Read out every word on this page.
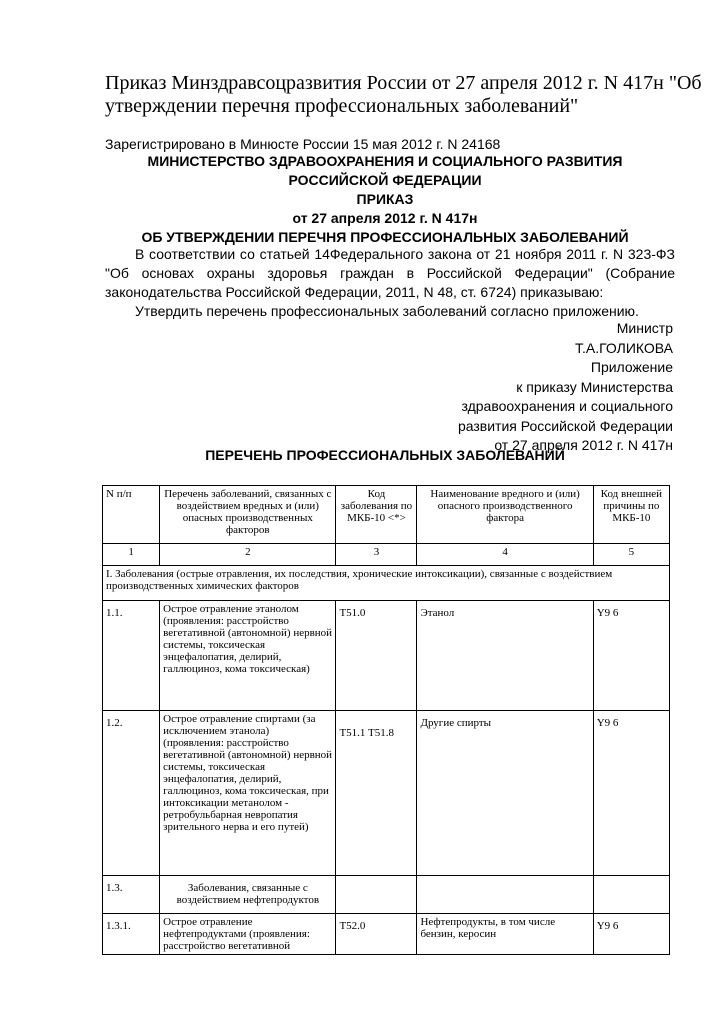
Приказ Минздравсоцразвития России от 27 апреля 2012 г. N 417н "Об утверждении перечня профессиональных заболеваний"
Зарегистрировано в Минюсте России 15 мая 2012 г. N 24168
МИНИСТЕРСТВО ЗДРАВООХРАНЕНИЯ И СОЦИАЛЬНОГО РАЗВИТИЯ
РОССИЙСКОЙ ФЕДЕРАЦИИ
ПРИКАЗ
от 27 апреля 2012 г. N 417н
ОБ УТВЕРЖДЕНИИ ПЕРЕЧНЯ ПРОФЕССИОНАЛЬНЫХ ЗАБОЛЕВАНИЙ
В соответствии со статьей 14Федерального закона от 21 ноября 2011 г. N 323-ФЗ "Об основах охраны здоровья граждан в Российской Федерации" (Собрание законодательства Российской Федерации, 2011, N 48, ст. 6724) приказываю:
Утвердить перечень профессиональных заболеваний согласно приложению.
Министр
Т.А.ГОЛИКОВА
Приложение
к приказу Министерства
здравоохранения и социального
развития Российской Федерации
от 27 апреля 2012 г. N 417н
ПЕРЕЧЕНЬ ПРОФЕССИОНАЛЬНЫХ ЗАБОЛЕВАНИЙ
N п/п	Перечень заболеваний, связанных с воздействием вредных и (или) опасных производственных факторов	Код заболевания по МКБ-10 <*>	Наименование вредного и (или) опасного производственного фактора	Код внешней причины по МКБ-10
1	2	3	4	5
I. Заболевания (острые отравления, их последствия, хронические интоксикации), связанные с воздействием производственных химических факторов				
1.1.	Острое отравление этанолом (проявления: расстройство вегетативной (автономной) нервной системы, токсическая энцефалопатия, делирий, галлюциноз, кома токсическая)	T51.0	Этанол	Y9 6
1.2.	Острое отравление спиртами (за исключением этанола) (проявления: расстройство вегетативной (автономной) нервной системы, токсическая энцефалопатия, делирий, галлюциноз, кома токсическая, при интоксикации метанолом - ретробульбарная невропатия зрительного нерва и его путей)	T51.1 T51.8	Другие спирты	Y9 6
1.3.	Заболевания, связанные с воздействием нефтепродуктов			
1.3.1.	Острое отравление нефтепродуктами (проявления: расстройство вегетативной	T52.0	Нефтепродукты, в том числе бензин, керосин	Y9 6
